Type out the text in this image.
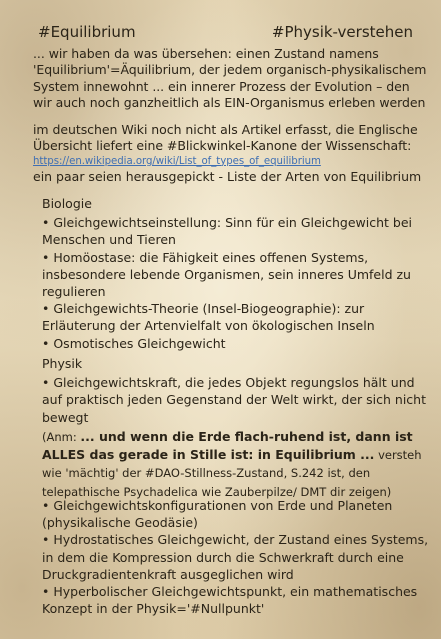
#Equilibrium	#Physik-verstehen
... wir haben da was übersehen: einen Zustand namens
'Equilibrium'=Äquilibrium, der jedem organisch-physikalischem
System innewohnt ... ein innerer Prozess der Evolution – den
wir auch noch ganzheitlich als EIN-Organismus erleben werden
im deutschen Wiki noch nicht als Artikel erfasst, die Englische
Übersicht liefert eine #Blickwinkel-Kanone der Wissenschaft:
https://en.wikipedia.org/wiki/List_of_types_of_equilibrium
ein paar seien herausgepickt - Liste der Arten von Equilibrium

Biologie

• Gleichgewichtseinstellung: Sinn für ein Gleichgewicht bei Menschen und Tieren

• Homöostase: die Fähigkeit eines offenen Systems, insbesondere lebende Organismen, sein inneres Umfeld zu regulieren

• Gleichgewichts-Theorie (Insel-Biogeographie): zur Erläuterung der Artenvielfalt von ökologischen Inseln

• Osmotisches Gleichgewicht

Physik

• Gleichgewichtskraft, die jedes Objekt regungslos hält und auf praktisch jeden Gegenstand der Welt wirkt, der sich nicht bewegt

(Anm: ... und wenn die Erde flach-ruhend ist, dann ist ALLES das gerade in Stille ist: in Equilibrium ... versteh wie 'mächtig' der #DAO-Stillness-Zustand, S.242 ist, den telepathische Psychadelica wie Zauberpilze/ DMT dir zeigen)

• Gleichgewichtskonfigurationen von Erde und Planeten (physikalische Geodäsie)

• Hydrostatisches Gleichgewicht, der Zustand eines Systems, in dem die Kompression durch die Schwerkraft durch eine Druckgradientenkraft ausgeglichen wird

• Hyperbolischer Gleichgewichtspunkt, ein mathematisches Konzept in der Physik='#Nullpunkt'
